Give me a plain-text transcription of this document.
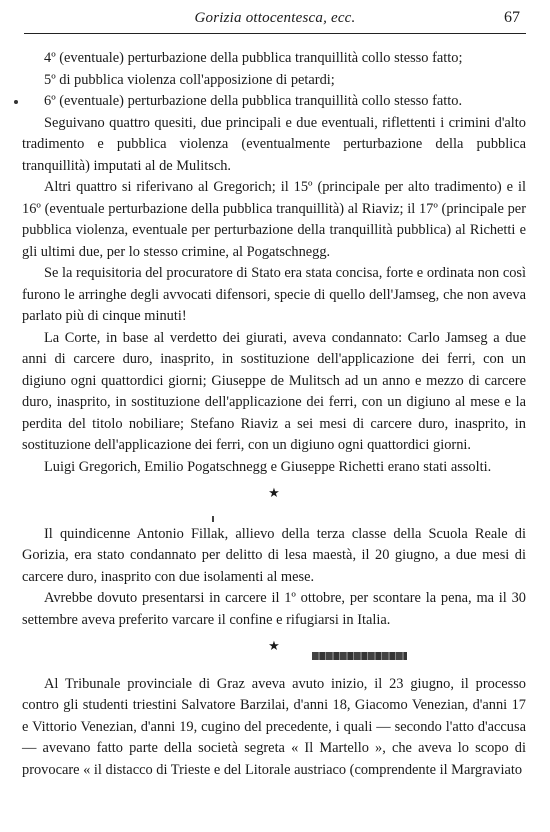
Gorizia ottocentesca, ecc.	67

4º (eventuale) perturbazione della pubblica tranquillità collo stesso fatto;

5º di pubblica violenza coll'apposizione di petardi;

6º (eventuale) perturbazione della pubblica tranquillità collo stesso fatto.

Seguivano quattro quesiti, due principali e due eventuali, riflettenti i crimini d'alto tradimento e pubblica violenza (eventualmente perturbazione della pubblica tranquillità) imputati al de Mulitsch.

Altri quattro si riferivano al Gregorich; il 15º (principale per alto tradimento) e il 16º (eventuale perturbazione della pubblica tranquillità) al Riaviz; il 17º (principale per pubblica violenza, eventuale per perturbazione della tranquillità pubblica) al Richetti e gli ultimi due, per lo stesso crimine, al Pogatschnegg.

Se la requisitoria del procuratore di Stato era stata concisa, forte e ordinata non così furono le arringhe degli avvocati difensori, specie di quello dell'Jamseg, che non aveva parlato più di cinque minuti!

La Corte, in base al verdetto dei giurati, aveva condannato: Carlo Jamseg a due anni di carcere duro, inasprito, in sostituzione dell'applicazione dei ferri, con un digiuno ogni quattordici giorni; Giuseppe de Mulitsch ad un anno e mezzo di carcere duro, inasprito, in sostituzione dell'applicazione dei ferri, con un digiuno al mese e la perdita del titolo nobiliare; Stefano Riaviz a sei mesi di carcere duro, inasprito, in sostituzione dell'applicazione dei ferri, con un digiuno ogni quattordici giorni.

Luigi Gregorich, Emilio Pogatschnegg e Giuseppe Richetti erano stati assolti.

★

Il quindicenne Antonio Fillak, allievo della terza classe della Scuola Reale di Gorizia, era stato condannato per delitto di lesa maestà, il 20 giugno, a due mesi di carcere duro, inasprito con due isolamenti al mese.

Avrebbe dovuto presentarsi in carcere il 1º ottobre, per scontare la pena, ma il 30 settembre aveva preferito varcare il confine e rifugiarsi in Italia.

★

Al Tribunale provinciale di Graz aveva avuto inizio, il 23 giugno, il processo contro gli studenti triestini Salvatore Barzilai, d'anni 18, Giacomo Venezian, d'anni 17 e Vittorio Venezian, d'anni 19, cugino del precedente, i quali — secondo l'atto d'accusa — avevano fatto parte della società segreta « Il Martello », che aveva lo scopo di provocare « il distacco di Trieste e del Litorale austriaco (comprendente il Margraviato
